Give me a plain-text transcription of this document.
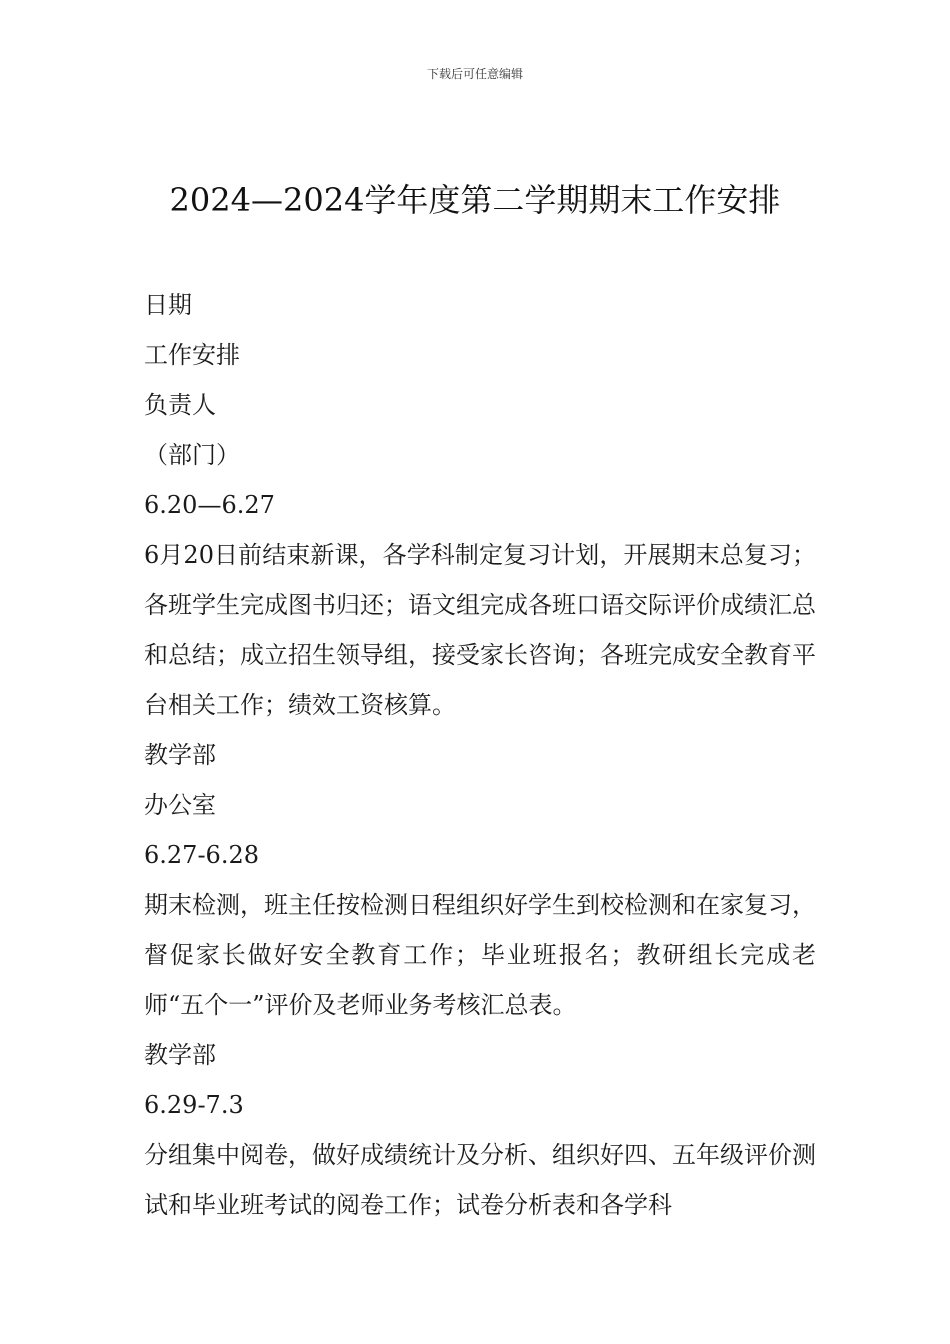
下载后可任意编辑
2024—2024学年度第二学期期末工作安排
日期
工作安排
负责人
（部门）
6.20—6.27
6月20日前结束新课，各学科制定复习计划，开展期末总复习；各班学生完成图书归还；语文组完成各班口语交际评价成绩汇总和总结；成立招生领导组，接受家长咨询；各班完成安全教育平台相关工作；绩效工资核算。
教学部
办公室
6.27-6.28
期末检测，班主任按检测日程组织好学生到校检测和在家复习，督促家长做好安全教育工作；毕业班报名；教研组长完成老师“五个一”评价及老师业务考核汇总表。
教学部
6.29-7.3
分组集中阅卷，做好成绩统计及分析、组织好四、五年级评价测试和毕业班考试的阅卷工作；试卷分析表和各学科
